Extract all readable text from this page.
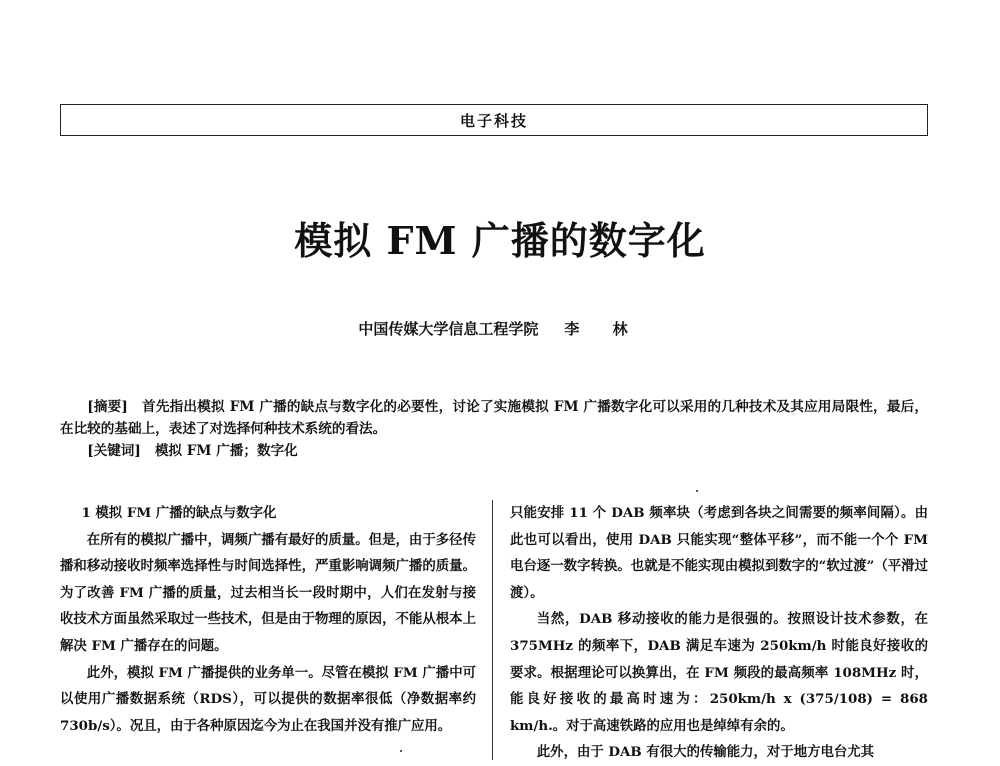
电子科技
模拟 FM 广播的数字化
中国传媒大学信息工程学院 李 林

[摘要] 首先指出模拟 FM 广播的缺点与数字化的必要性，讨论了实施模拟 FM 广播数字化可以采用的几种技术及其应用局限性，最后，在比较的基础上，表述了对选择何种技术系统的看法。

[关键词] 模拟 FM 广播；数字化

1 模拟 FM 广播的缺点与数字化

在所有的模拟广播中，调频广播有最好的质量。但是，由于多径传播和移动接收时频率选择性与时间选择性，严重影响调频广播的质量。为了改善 FM 广播的质量，过去相当长一段时期中，人们在发射与接收技术方面虽然采取过一些技术，但是由于物理的原因，不能从根本上解决 FM 广播存在的问题。

此外，模拟 FM 广播提供的业务单一。尽管在模拟 FM 广播中可以使用广播数据系统（RDS），可以提供的数据率很低（净数据率约 730b/s）。况且，由于各种原因迄今为止在我国并没有推广应用。

只能安排 11 个 DAB 频率块（考虑到各块之间需要的频率间隔）。由此也可以看出，使用 DAB 只能实现“整体平移”，而不能一个个 FM 电台逐一数字转换。也就是不能实现由模拟到数字的“软过渡”（平滑过渡）。

当然，DAB 移动接收的能力是很强的。按照设计技术参数，在 375MHz 的频率下，DAB 满足车速为 250km/h 时能良好接收的要求。根据理论可以换算出，在 FM 频段的最高频率 108MHz 时，能良好接收的最高时速为：250km/h x (375/108) = 868 km/h.。对于高速铁路的应用也是绰绰有余的。

此外，由于 DAB 有很大的传输能力，对于地方电台尤其
